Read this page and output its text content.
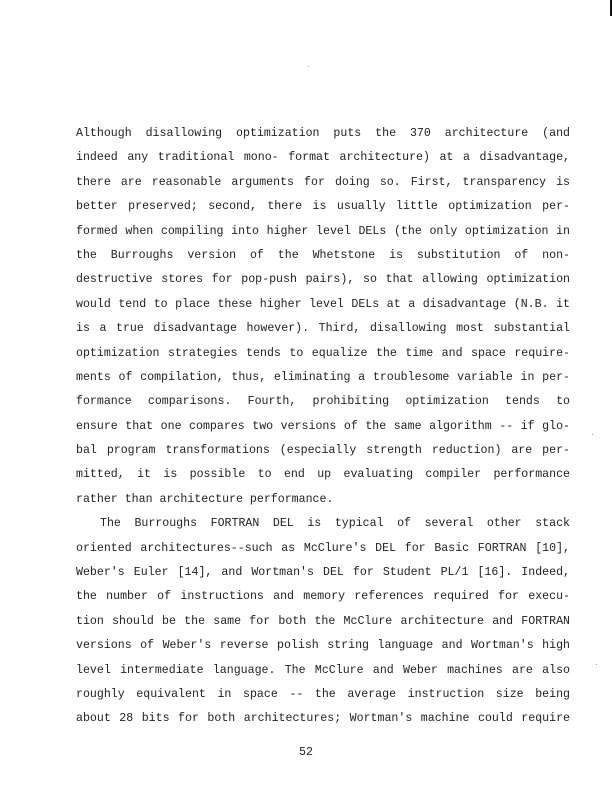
Although disallowing optimization puts the 370 architecture (and
indeed any traditional mono- format architecture) at a disadvantage,
there are reasonable arguments for doing so. First, transparency is
better preserved; second, there is usually little optimization per-
formed when compiling into higher level DELs (the only optimization in
the Burroughs version of the Whetstone is substitution of non-
destructive stores for pop-push pairs), so that allowing optimization
would tend to place these higher level DELs at a disadvantage (N.B. it
is a true disadvantage however). Third, disallowing most substantial
optimization strategies tends to equalize the time and space require-
ments of compilation, thus, eliminating a troublesome variable in per-
formance comparisons. Fourth, prohibiting optimization tends to
ensure that one compares two versions of the same algorithm -- if glo-
bal program transformations (especially strength reduction) are per-
mitted, it is possible to end up evaluating compiler performance
rather than architecture performance.
The Burroughs FORTRAN DEL is typical of several other stack
oriented architectures--such as McClure's DEL for Basic FORTRAN [10],
Weber's Euler [14], and Wortman's DEL for Student PL/1 [16]. Indeed,
the number of instructions and memory references required for execu-
tion should be the same for both the McClure architecture and FORTRAN
versions of Weber's reverse polish string language and Wortman's high
level intermediate language. The McClure and Weber machines are also
roughly equivalent in space -- the average instruction size being
about 28 bits for both architectures; Wortman's machine could require
52
